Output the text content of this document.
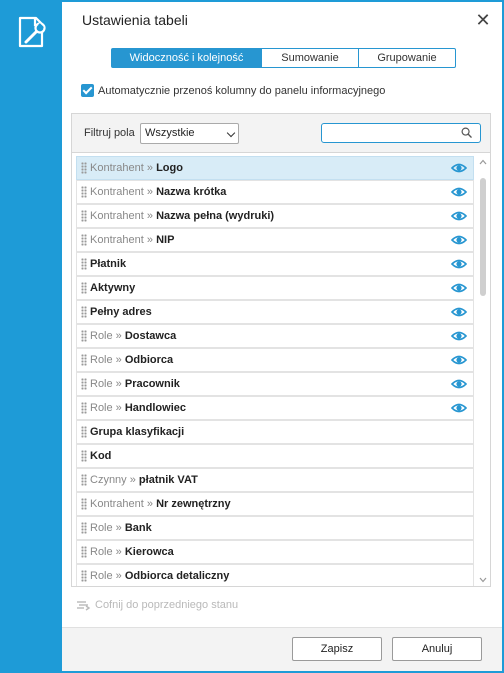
Ustawienia tabeli	✕
Widoczność i kolejność	Sumowanie	Grupowanie
Automatycznie przenoś kolumny do panelu informacyjnego
Filtruj pola Wszystkie
Kontrahent » Logo
Kontrahent » Nazwa krótka
Kontrahent » Nazwa pełna (wydruki)
Kontrahent » NIP
Płatnik
Aktywny
Pełny adres
Role » Dostawca
Role » Odbiorca
Role » Pracownik
Role » Handlowiec
Grupa klasyfikacji
Kod
Czynny » płatnik VAT
Kontrahent » Nr zewnętrzny
Role » Bank
Role » Kierowca
Role » Odbiorca detaliczny
Cofnij do poprzedniego stanu
Zapisz	Anuluj
